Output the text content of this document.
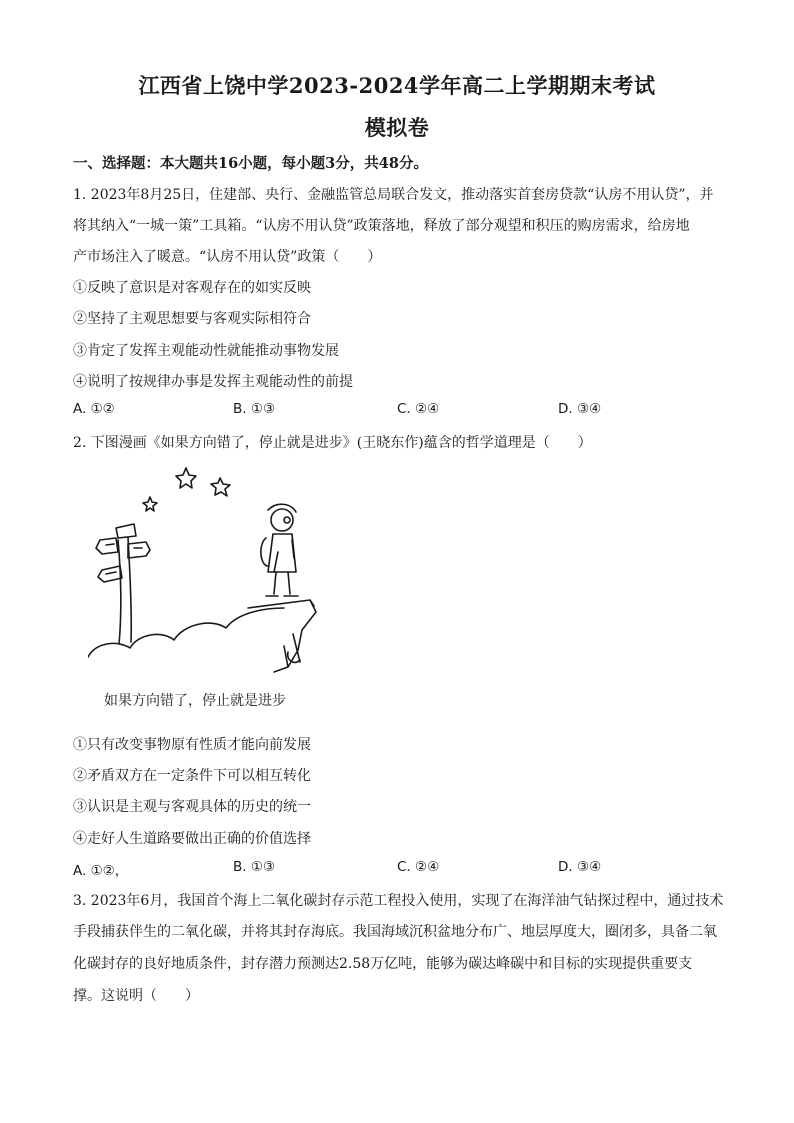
江西省上饶中学2023-2024学年高二上学期期末考试
模拟卷
一、选择题：本大题共16小题，每小题3分，共48分。
1. 2023年8月25日，住建部、央行、金融监管总局联合发文，推动落实首套房贷款“认房不用认贷”，并
将其纳入“一城一策”工具箱。“认房不用认贷”政策落地，释放了部分观望和积压的购房需求，给房地
产市场注入了暖意。“认房不用认贷”政策（　　）
①反映了意识是对客观存在的如实反映
②坚持了主观思想要与客观实际相符合
③肯定了发挥主观能动性就能推动事物发展
④说明了按规律办事是发挥主观能动性的前提
A. ①②	B. ①③	C. ②④	D. ③④
2. 下图漫画《如果方向错了，停止就是进步》(王晓东作)蕴含的哲学道理是（　　）
如果方向错了，停止就是进步
①只有改变事物原有性质才能向前发展
②矛盾双方在一定条件下可以相互转化
③认识是主观与客观具体的历史的统一
④走好人生道路要做出正确的价值选择
A. ①②，	B. ①③	C. ②④	D. ③④
3. 2023年6月，我国首个海上二氧化碳封存示范工程投入使用，实现了在海洋油气钻探过程中，通过技术
手段捕获伴生的二氧化碳，并将其封存海底。我国海域沉积盆地分布广、地层厚度大，圈闭多，具备二氧
化碳封存的良好地质条件，封存潜力预测达2.58万亿吨，能够为碳达峰碳中和目标的实现提供重要支
撑。这说明（　　）
